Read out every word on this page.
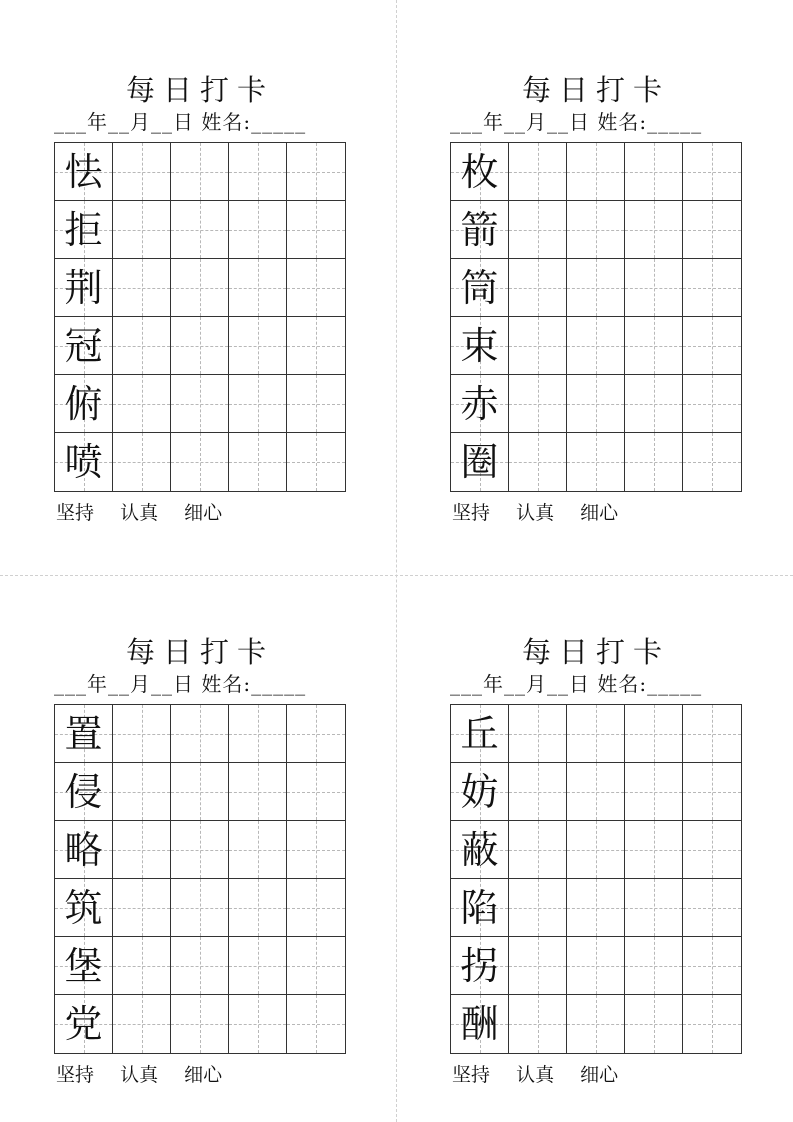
每日打卡
___年__月__日 姓名:_____
怯
拒
荆
冠
俯
喷
坚持 认真 细心
每日打卡
___年__月__日 姓名:_____
枚
箭
筒
束
赤
圈
坚持 认真 细心
每日打卡
___年__月__日 姓名:_____
置
侵
略
筑
堡
党
坚持 认真 细心
每日打卡
___年__月__日 姓名:_____
丘
妨
蔽
陷
拐
酬
坚持 认真 细心
